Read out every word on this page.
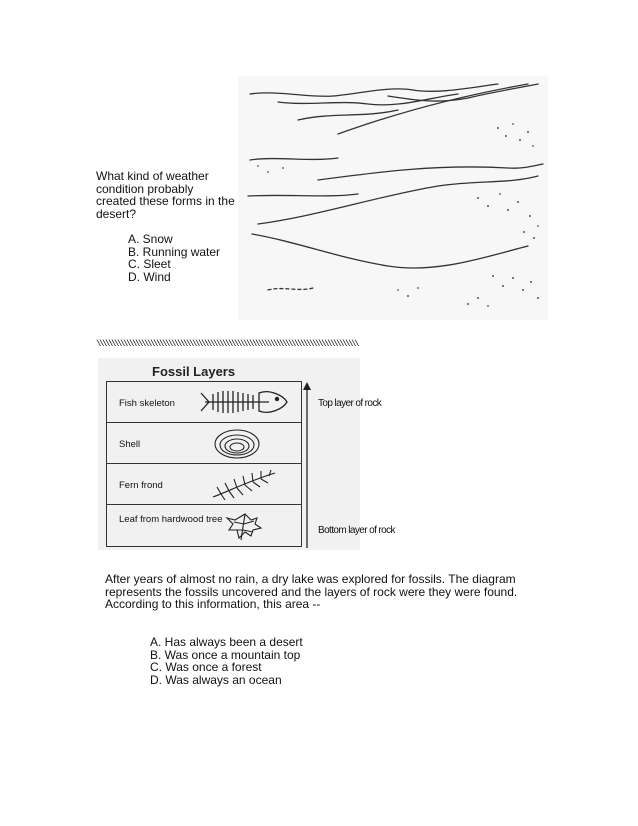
What kind of weather condition probably created these forms in the desert?
A. Snow
B. Running water
C. Sleet
D. Wind
\\\\\\\\\\\\\\\\\\\\\\\\\\\\\\\\\\\\\\\\\\\\\\\\\\\\\\\\\\\\\\\\\\\\\\\\\\\\\\\\\\\\\\\
Fossil Layers
Fish skeleton
Shell
Fern frond
Leaf from hardwood tree
Top layer of rock
Bottom layer of rock
After years of almost no rain, a dry lake was explored for fossils. The diagram represents the fossils uncovered and the layers of rock were they were found. According to this information, this area --
A. Has always been a desert
B. Was once a mountain top
C. Was once a forest
D. Was always an ocean
